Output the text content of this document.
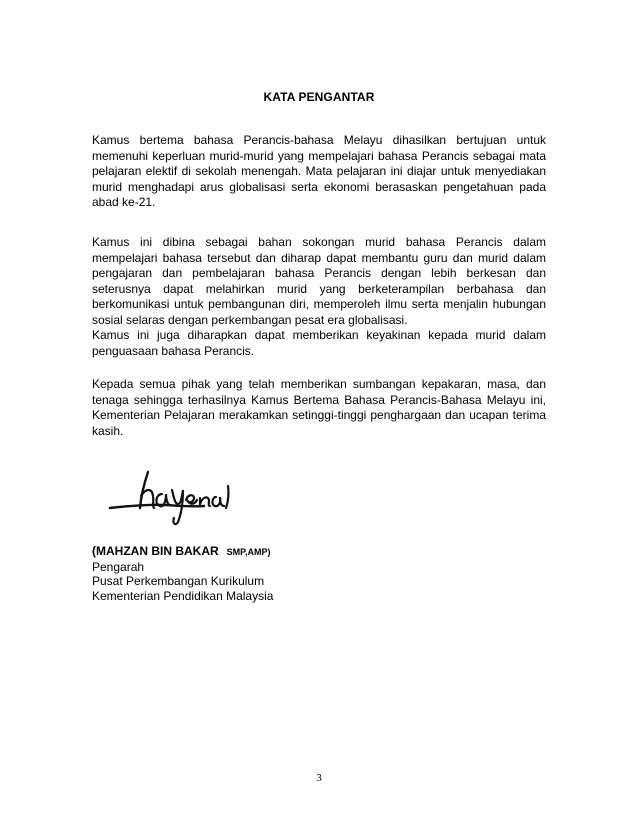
KATA PENGANTAR

Kamus bertema bahasa Perancis-bahasa Melayu dihasilkan bertujuan untuk memenuhi keperluan murid-murid yang mempelajari bahasa Perancis sebagai mata pelajaran elektif di sekolah menengah. Mata pelajaran ini diajar untuk menyediakan murid menghadapi arus globalisasi serta ekonomi berasaskan pengetahuan pada abad ke-21.

Kamus ini dibina sebagai bahan sokongan murid bahasa Perancis dalam mempelajari bahasa tersebut dan diharap dapat membantu guru dan murid dalam pengajaran dan pembelajaran bahasa Perancis dengan lebih berkesan dan seterusnya dapat melahirkan murid yang berketerampilan berbahasa dan berkomunikasi untuk pembangunan diri, memperoleh ilmu serta menjalin hubungan sosial selaras dengan perkembangan pesat era globalisasi.

Kamus ini juga diharapkan dapat memberikan keyakinan kepada murid dalam penguasaan bahasa Perancis.

Kepada semua pihak yang telah memberikan sumbangan kepakaran, masa, dan tenaga sehingga terhasilnya Kamus Bertema Bahasa Perancis-Bahasa Melayu ini, Kementerian Pelajaran merakamkan setinggi-tinggi penghargaan dan ucapan terima kasih.

(MAHZAN BIN BAKAR SMP,AMP)
Pengarah
Pusat Perkembangan Kurikulum
Kementerian Pendidikan Malaysia
3
